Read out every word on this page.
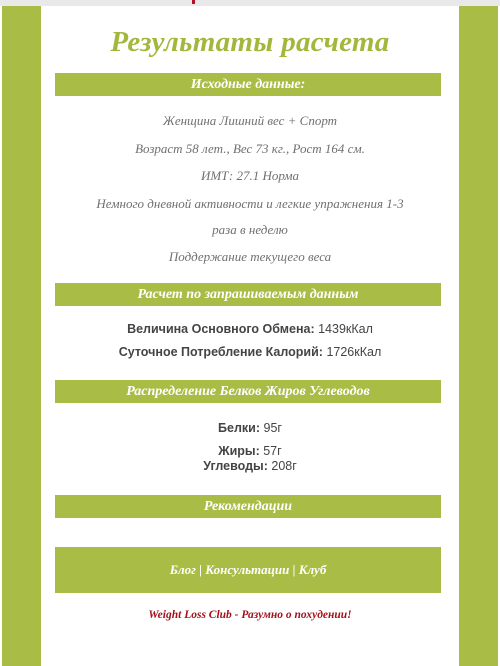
Результаты расчета
Исходные данные:
Женщина Лишний вес + Спорт
Возраст 58 лет., Вес 73 кг., Рост 164 см.
ИМТ: 27.1 Норма
Немного дневной активности и легкие упражнения 1-3
раза в неделю
Поддержание текущего веса
Расчет по запрашиваемым данным
Величина Основного Обмена: 1439кКал
Суточное Потребление Калорий: 1726кКал
Распределение Белков Жиров Углеводов
Белки: 95г
Жиры: 57г
Углеводы: 208г
Рекомендации
Блог | Консультации | Клуб
Weight Loss Club - Разумно о похудении!
